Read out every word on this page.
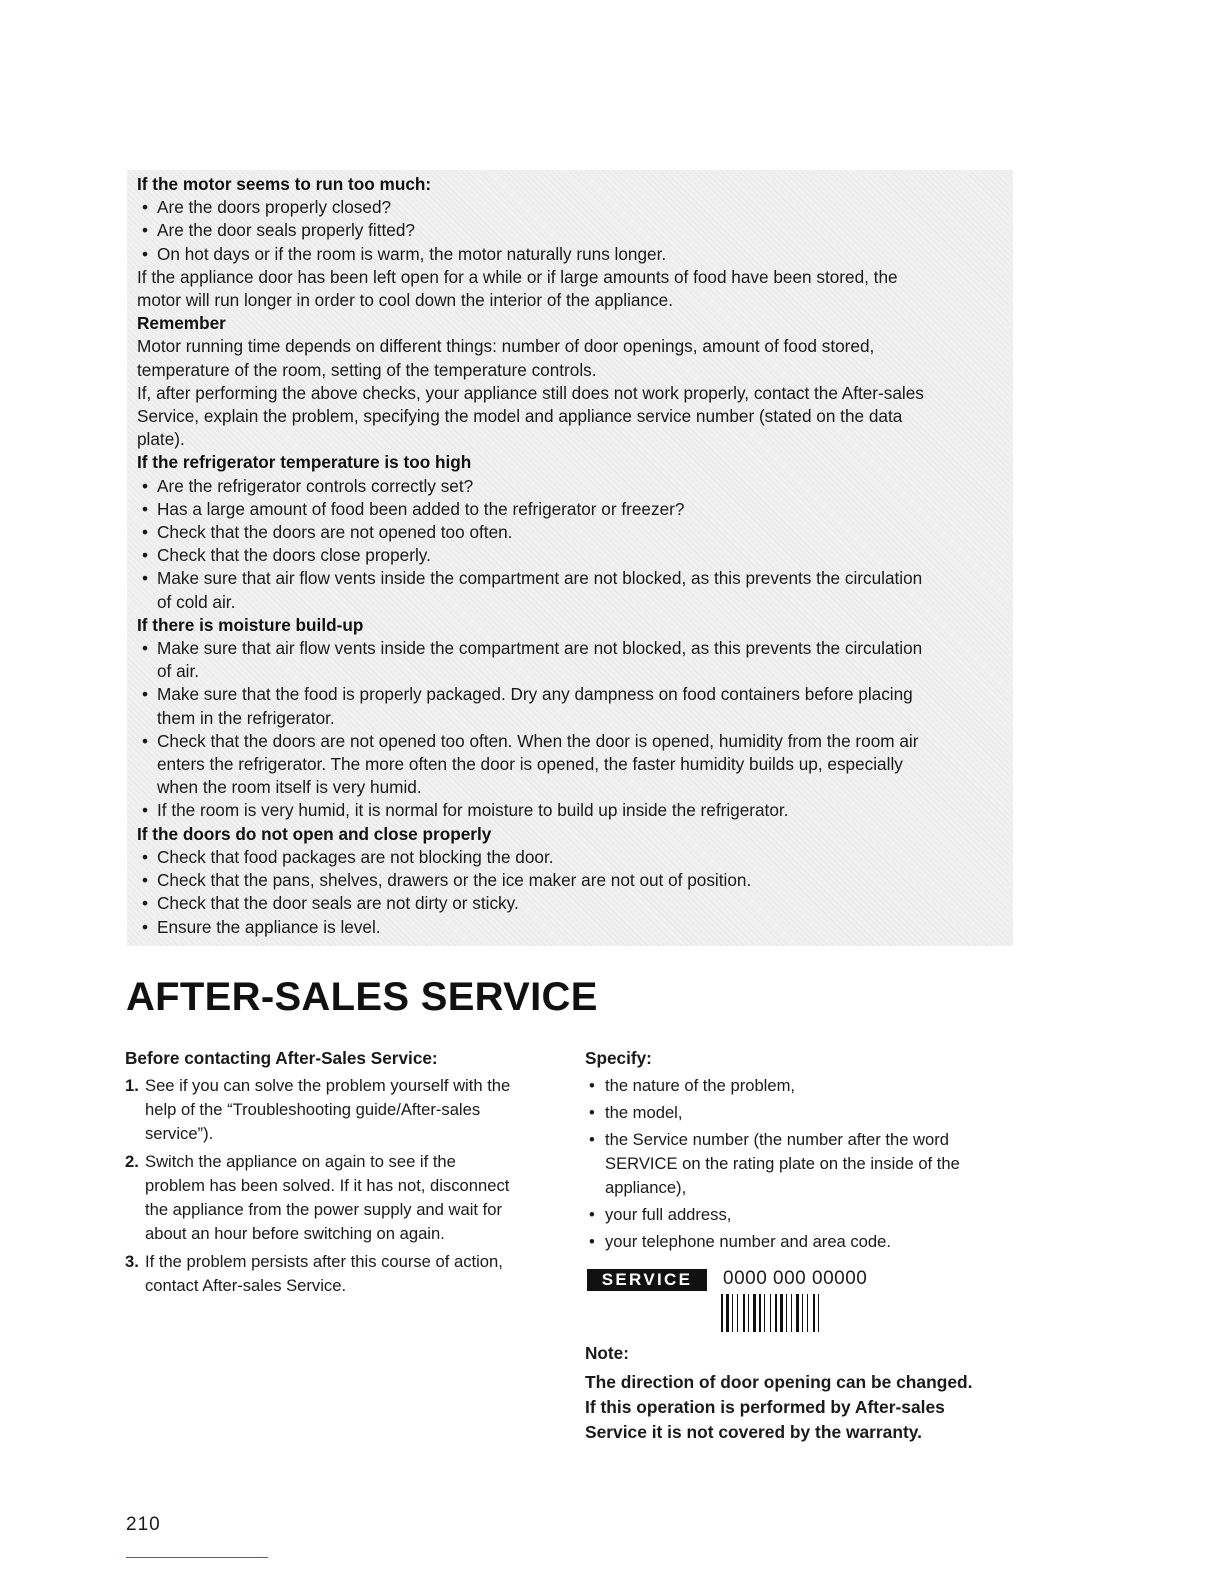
If the motor seems to run too much:
• Are the doors properly closed?
• Are the door seals properly fitted?
• On hot days or if the room is warm, the motor naturally runs longer.
If the appliance door has been left open for a while or if large amounts of food have been stored, the
motor will run longer in order to cool down the interior of the appliance.
Remember
Motor running time depends on different things: number of door openings, amount of food stored,
temperature of the room, setting of the temperature controls.
If, after performing the above checks, your appliance still does not work properly, contact the After-sales
Service, explain the problem, specifying the model and appliance service number (stated on the data
plate).
If the refrigerator temperature is too high
• Are the refrigerator controls correctly set?
• Has a large amount of food been added to the refrigerator or freezer?
• Check that the doors are not opened too often.
• Check that the doors close properly.
• Make sure that air flow vents inside the compartment are not blocked, as this prevents the circulation
of cold air.
If there is moisture build-up
• Make sure that air flow vents inside the compartment are not blocked, as this prevents the circulation
of air.
• Make sure that the food is properly packaged. Dry any dampness on food containers before placing
them in the refrigerator.
• Check that the doors are not opened too often. When the door is opened, humidity from the room air
enters the refrigerator. The more often the door is opened, the faster humidity builds up, especially
when the room itself is very humid.
• If the room is very humid, it is normal for moisture to build up inside the refrigerator.
If the doors do not open and close properly
• Check that food packages are not blocking the door.
• Check that the pans, shelves, drawers or the ice maker are not out of position.
• Check that the door seals are not dirty or sticky.
• Ensure the appliance is level.
AFTER-SALES SERVICE
Before contacting After-Sales Service:
1. See if you can solve the problem yourself with the
help of the “Troubleshooting guide/After-sales
service”).
2. Switch the appliance on again to see if the
problem has been solved. If it has not, disconnect
the appliance from the power supply and wait for
about an hour before switching on again.
3. If the problem persists after this course of action,
contact After-sales Service.
Specify:
• the nature of the problem,
• the model,
• the Service number (the number after the word
SERVICE on the rating plate on the inside of the
appliance),
• your full address,
• your telephone number and area code.
SERVICE	0000 000 00000
Note:
The direction of door opening can be changed.
If this operation is performed by After-sales
Service it is not covered by the warranty.
210
